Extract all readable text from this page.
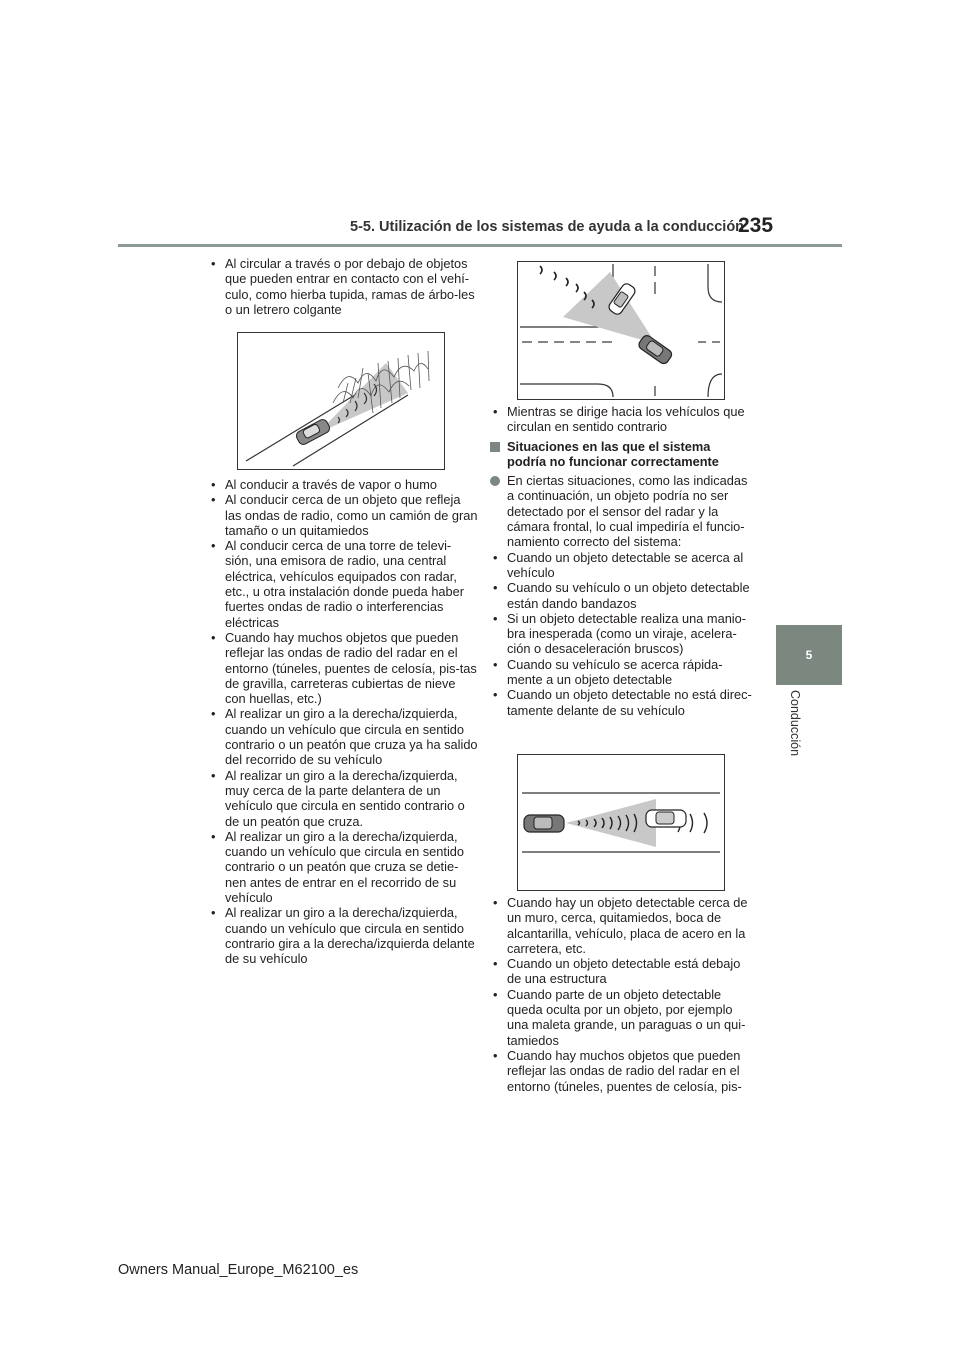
5-5. Utilización de los sistemas de ayuda a la conducción
235
5
Conducción

• Al circular a través o por debajo de objetos que pueden entrar en contacto con el vehí-culo, como hierba tupida, ramas de árbo-les o un letrero colgante

• Al conducir a través de vapor o humo

• Al conducir cerca de un objeto que refleja las ondas de radio, como un camión de gran tamaño o un quitamiedos

• Al conducir cerca de una torre de televi-sión, una emisora de radio, una central eléctrica, vehículos equipados con radar, etc., u otra instalación donde pueda haber fuertes ondas de radio o interferencias eléctricas

• Cuando hay muchos objetos que pueden reflejar las ondas de radio del radar en el entorno (túneles, puentes de celosía, pis-tas de gravilla, carreteras cubiertas de nieve con huellas, etc.)

• Al realizar un giro a la derecha/izquierda, cuando un vehículo que circula en sentido contrario o un peatón que cruza ya ha salido del recorrido de su vehículo

• Al realizar un giro a la derecha/izquierda, muy cerca de la parte delantera de un vehículo que circula en sentido contrario o de un peatón que cruza.

• Al realizar un giro a la derecha/izquierda, cuando un vehículo que circula en sentido contrario o un peatón que cruza se detie-nen antes de entrar en el recorrido de su vehículo

• Al realizar un giro a la derecha/izquierda, cuando un vehículo que circula en sentido contrario gira a la derecha/izquierda delante de su vehículo

• Mientras se dirige hacia los vehículos que circulan en sentido contrario

Situaciones en las que el sistema podría no funcionar correctamente
En ciertas situaciones, como las indicadas a continuación, un objeto podría no ser detectado por el sensor del radar y la cámara frontal, lo cual impediría el funcio-namiento correcto del sistema:

• Cuando un objeto detectable se acerca al vehículo

• Cuando su vehículo o un objeto detectable están dando bandazos

• Si un objeto detectable realiza una manio-bra inesperada (como un viraje, acelera-ción o desaceleración bruscos)

• Cuando su vehículo se acerca rápida-mente a un objeto detectable

• Cuando un objeto detectable no está direc-tamente delante de su vehículo

• Cuando hay un objeto detectable cerca de un muro, cerca, quitamiedos, boca de alcantarilla, vehículo, placa de acero en la carretera, etc.

• Cuando un objeto detectable está debajo de una estructura

• Cuando parte de un objeto detectable queda oculta por un objeto, por ejemplo una maleta grande, un paraguas o un qui-tamiedos

• Cuando hay muchos objetos que pueden reflejar las ondas de radio del radar en el entorno (túneles, puentes de celosía, pis-

Owners Manual_Europe_M62100_es
